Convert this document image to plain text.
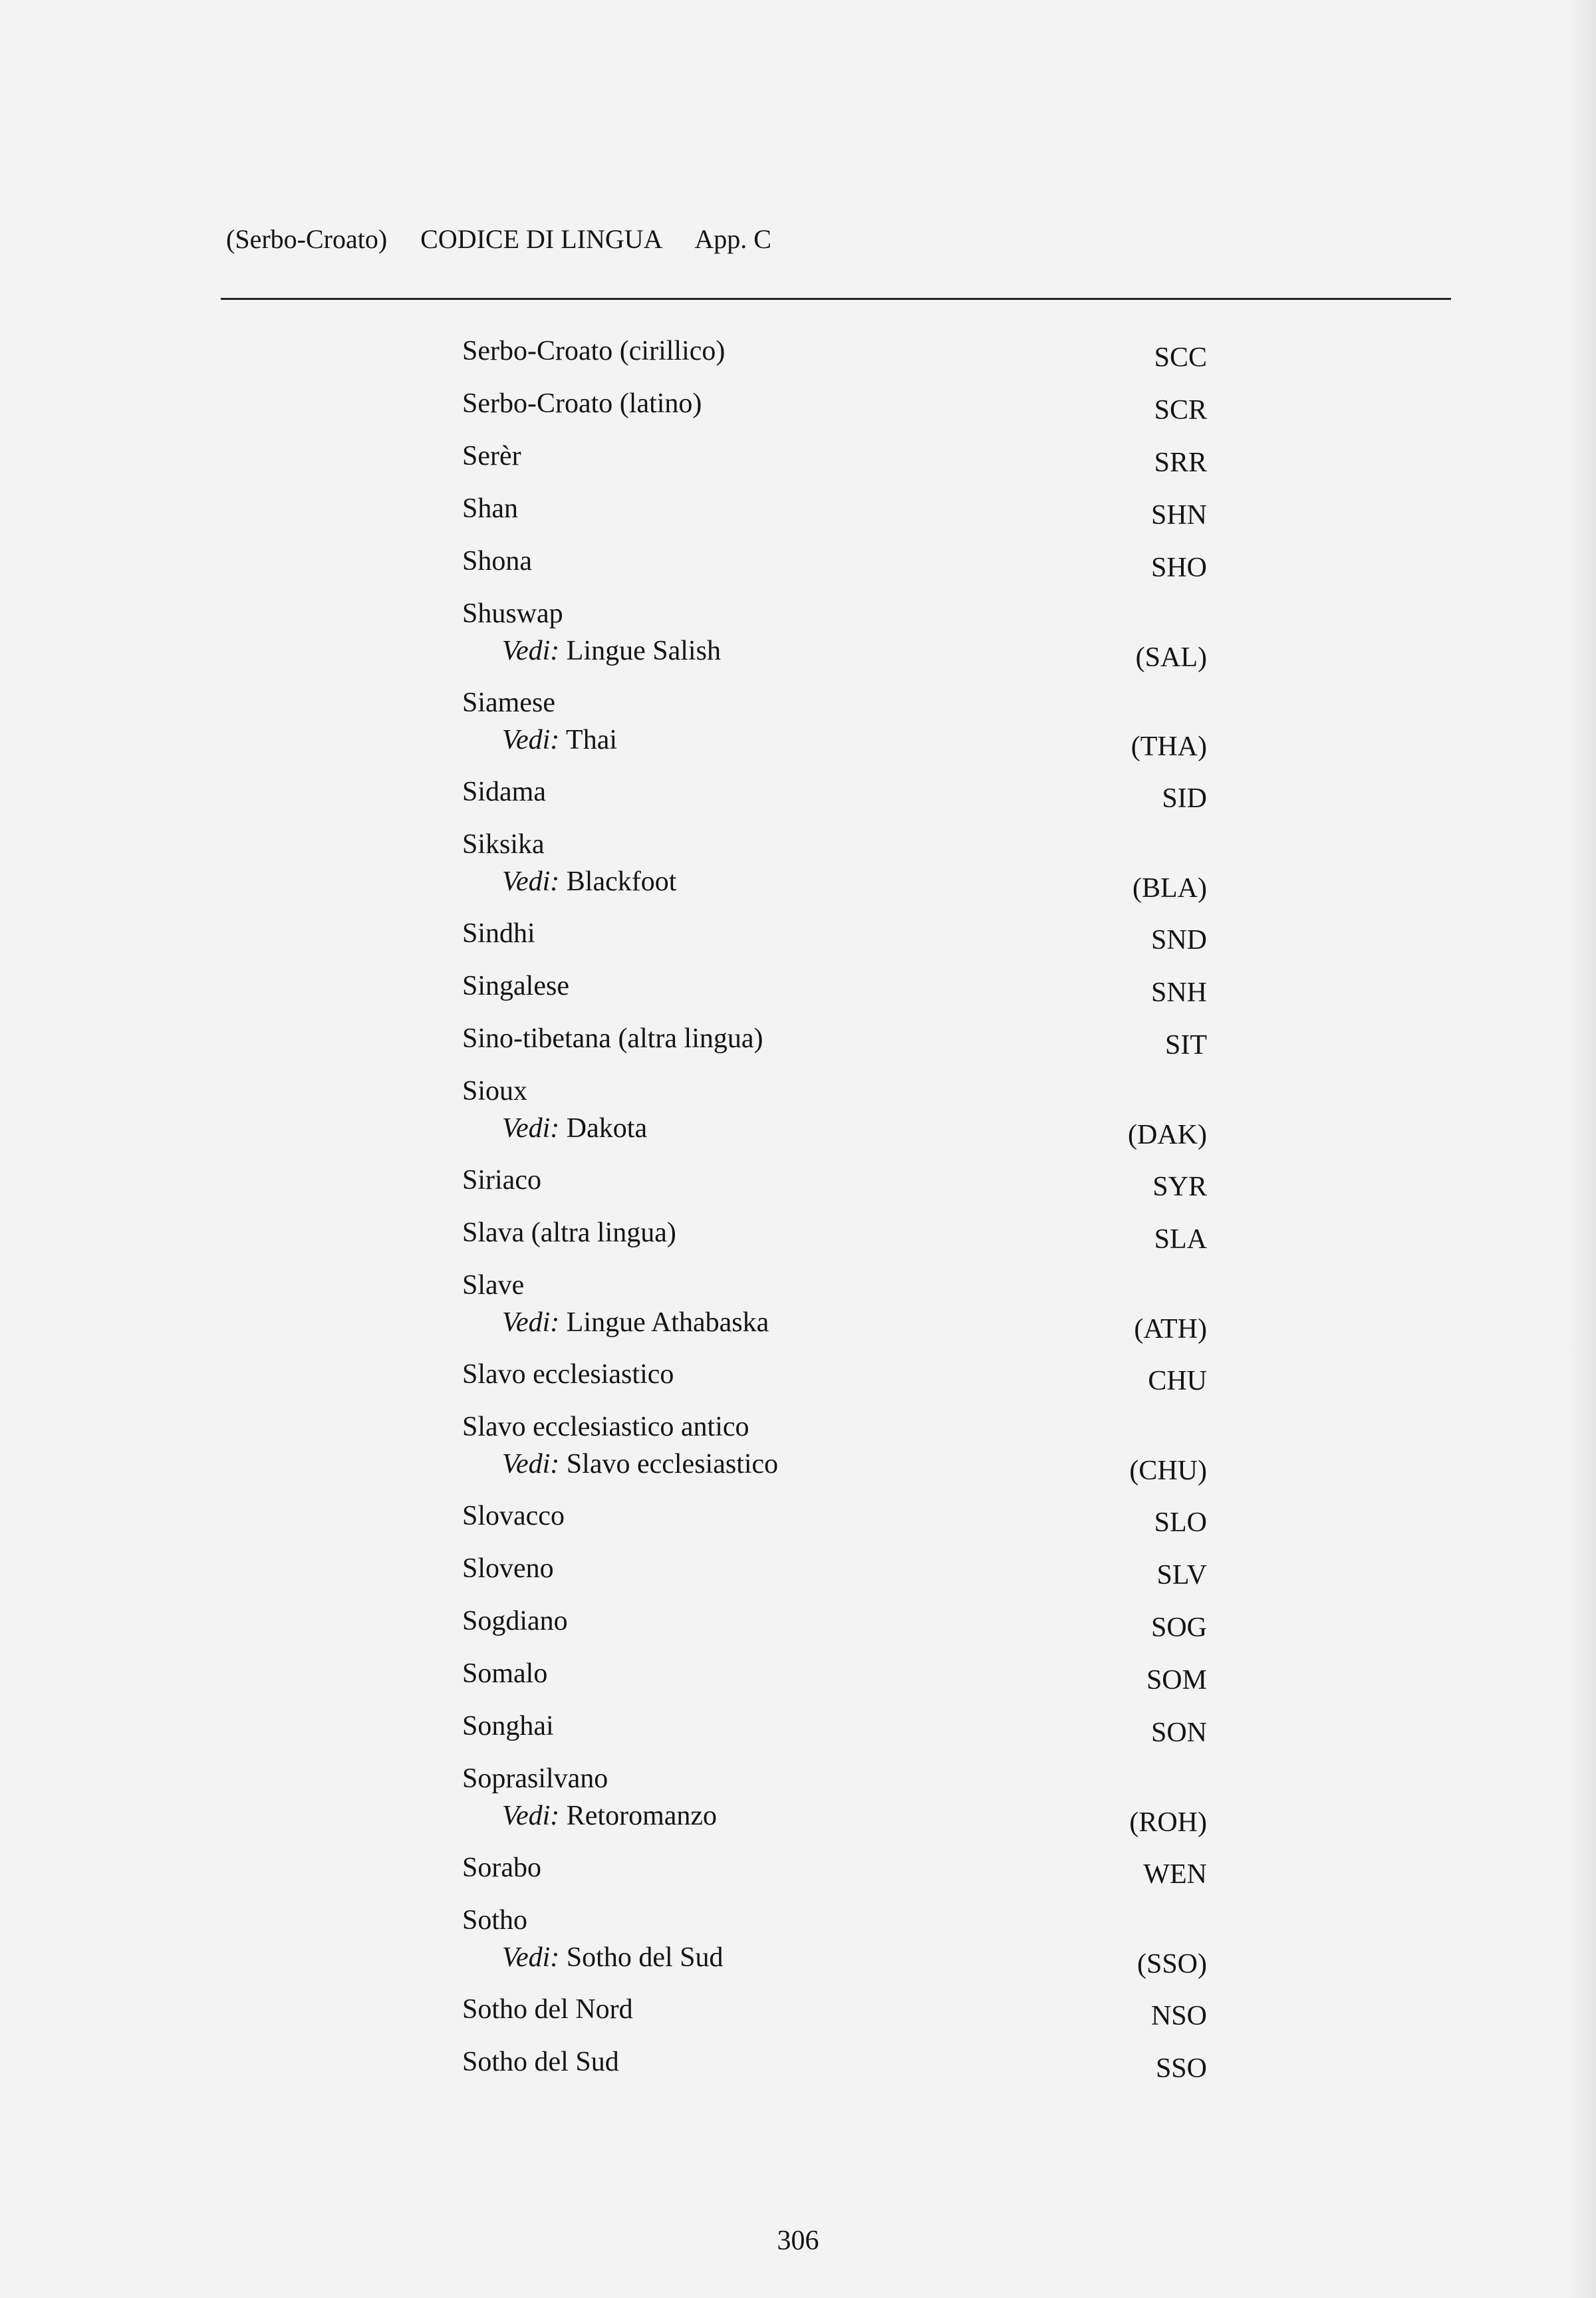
(Serbo-Croato) CODICE DI LINGUA App. C
Serbo-Croato (cirillico)	SCC
Serbo-Croato (latino)	SCR
Serèr	SRR
Shan	SHN
Shona	SHO
Shuswap
Vedi: Lingue Salish	(SAL)
Siamese
Vedi: Thai	(THA)
Sidama	SID
Siksika
Vedi: Blackfoot	(BLA)
Sindhi	SND
Singalese	SNH
Sino-tibetana (altra lingua)	SIT
Sioux
Vedi: Dakota	(DAK)
Siriaco	SYR
Slava (altra lingua)	SLA
Slave
Vedi: Lingue Athabaska	(ATH)
Slavo ecclesiastico	CHU
Slavo ecclesiastico antico
Vedi: Slavo ecclesiastico	(CHU)
Slovacco	SLO
Sloveno	SLV
Sogdiano	SOG
Somalo	SOM
Songhai	SON
Soprasilvano
Vedi: Retoromanzo	(ROH)
Sorabo	WEN
Sotho
Vedi: Sotho del Sud	(SSO)
Sotho del Nord	NSO
Sotho del Sud	SSO
306
